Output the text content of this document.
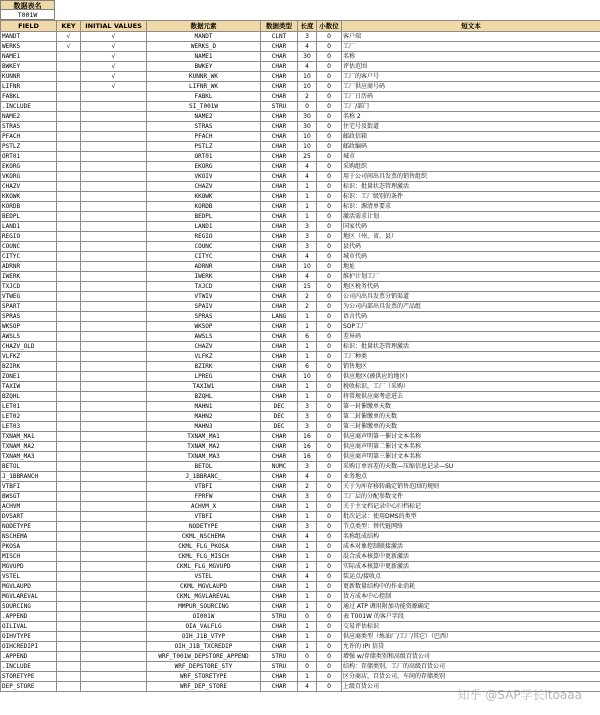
数据表名
T001W
FIELD	KEY	INITIAL VALUES	数据元素	数据类型	长度	小数位	短文本
MANDT	√	√	MANDT	CLNT	3	0	客户端
WERKS	√	√	WERKS_D	CHAR	4	0	工厂
NAME1		√	NAME1	CHAR	30	0	名称
BWKEY		√	BWKEY	CHAR	4	0	评估范围
KUNNR		√	KUNNR_WK	CHAR	10	0	工厂的客户号
LIFNR		√	LIFNR_WK	CHAR	10	0	工厂供应商号码
FABKL			FABKL	CHAR	2	0	工厂日历码
.INCLUDE			SI_T001W	STRU	0	0	工厂/部门
NAME2			NAME2	CHAR	30	0	名称 2
STRAS			STRAS	CHAR	30	0	住宅号及街道
PFACH			PFACH	CHAR	10	0	邮政信箱
PSTLZ			PSTLZ	CHAR	10	0	邮政编码
ORT01			ORT01	CHAR	25	0	城市
EKORG			EKORG	CHAR	4	0	采购组织
VKORG			VKOIV	CHAR	4	0	用于公司间出具发票的销售组织
CHAZV			CHAZV	CHAR	1	0	标识：批量状态管理激活
KKOWK			KKOWK	CHAR	1	0	标识：工厂级别的条件
KORDB			KORDB	CHAR	1	0	标识：源清单要求
BEDPL			BEDPL	CHAR	1	0	激活需求计划
LAND1			LAND1	CHAR	3	0	国家代码
REGIO			REGIO	CHAR	3	0	地区（州、省、县）
COUNC			COUNC	CHAR	3	0	县代码
CITYC			CITYC	CHAR	4	0	城市代码
ADRNR			ADRNR	CHAR	10	0	地址
IWERK			IWERK	CHAR	4	0	维护计划工厂
TXJCD			TXJCD	CHAR	15	0	地区税务代码
VTWEG			VTWIV	CHAR	2	0	公司内出具发票分销渠道
SPART			SPAIV	CHAR	2	0	为公司内部出具发票的产品组
SPRAS			SPRAS	LANG	1	0	语言代码
WKSOP			WKSOP	CHAR	1	0	SOP工厂
AWSLS			AWSLS	CHAR	6	0	差异码
CHAZV_OLD			CHAZV	CHAR	1	0	标识：批量状态管理激活
VLFKZ			VLFKZ	CHAR	1	0	工厂种类
BZIRK			BZIRK	CHAR	6	0	销售地区
ZONE1			LPREG	CHAR	10	0	供应地区(被供应的地区)
TAXIW			TAXIW1	CHAR	1	0	税收标识，工厂（采购）
BZQHL			BZQHL	CHAR	1	0	将常规供应商考虑进去
LET01			MAHN1	DEC	3	0	第一封催缴单天数
LET02			MAHN2	DEC	3	0	第二封催缴单的天数
LET03			MAHN3	DEC	3	0	第三封催缴单的天数
TXNAM_MA1			TXNAM_MA1	CHAR	16	0	供应商声明第一催讨文本名称
TXNAM_MA2			TXNAM_MA2	CHAR	16	0	供应商声明第二催讨文本名称
TXNAM_MA3			TXNAM_MA3	CHAR	16	0	供应商声明第三催讨文本名称
BETOL			BETOL	NUMC	3	0	采购订单容差的天数—压缩信息记录—SU
J_1BBRANCH			J_1BBRANC_	CHAR	4	0	业务地点
VTBFI			VTBFI	CHAR	2	0	关于为库存移转确定销售范围的规则
BWSGT			FPRFW	CHAR	3	0	工厂层的分配参数文件
ACHVM			ACHVM_X	CHAR	1	0	关于主文档记录中心归档标记
DVSART			VTBFI	CHAR	1	0	批次记录：使用DMS的类型
NODETYPE			NODETYPE	CHAR	3	0	节点类型：替代链网络
NSCHEMA			CKML_NSCHEMA	CHAR	4	0	名称组成结构
PKOSA			CKML_FLG_PKOSA	CHAR	1	0	成本对象控制联接激活
MISCH			CKML_FLG_MISCH	CHAR	1	0	混合成本核算中更新激活
MGVUPD			CKML_FLG_MGVUPD	CHAR	1	0	实际成本核算中更新激活
VSTEL			VSTEL	CHAR	4	0	装运点/接收点
MGVLAUPD			CKML_MGVLAUPD	CHAR	1	0	更新数量结构中的作业消耗
MGVLAREVAL			CKML_MGVLAREVAL	CHAR	1	0	货方成本中心控制
SOURCING			MMPUR_SOURCING	CHAR	1	0	通过 ATP 调用附加功能资源确定
.APPEND			OI001W	STRU	0	0	表 T001W 的客户字段
OILIVAL			OIA_VALFLG	CHAR	1	0	交易评估标识
OIHVTYPE			OIH_J1B_VTYP	CHAR	1	0	供应商类型（炼油厂/工厂/其它）（巴西）
OIHCREDIPI			OIH_J1B_TXCREDIP	CHAR	1	0	允许的 IPI 信贷
.APPEND			WRF_T001W_DEPSTORE_APPEND	STRU	0	0	增强 w/存储类别和高级百货公司
.INCLUDE			WRF_DEPSTORE_STY	STRU	0	0	结构：存储类别，工厂的高级百货公司
STORETYPE			WRF_STORETYPE	CHAR	1	0	区分商店，百货公司，车间的存储类别
DEP_STORE			WRF_DEP_STORE	CHAR	4	0	上级百货公司
知乎 @SAP学长itoaaa
